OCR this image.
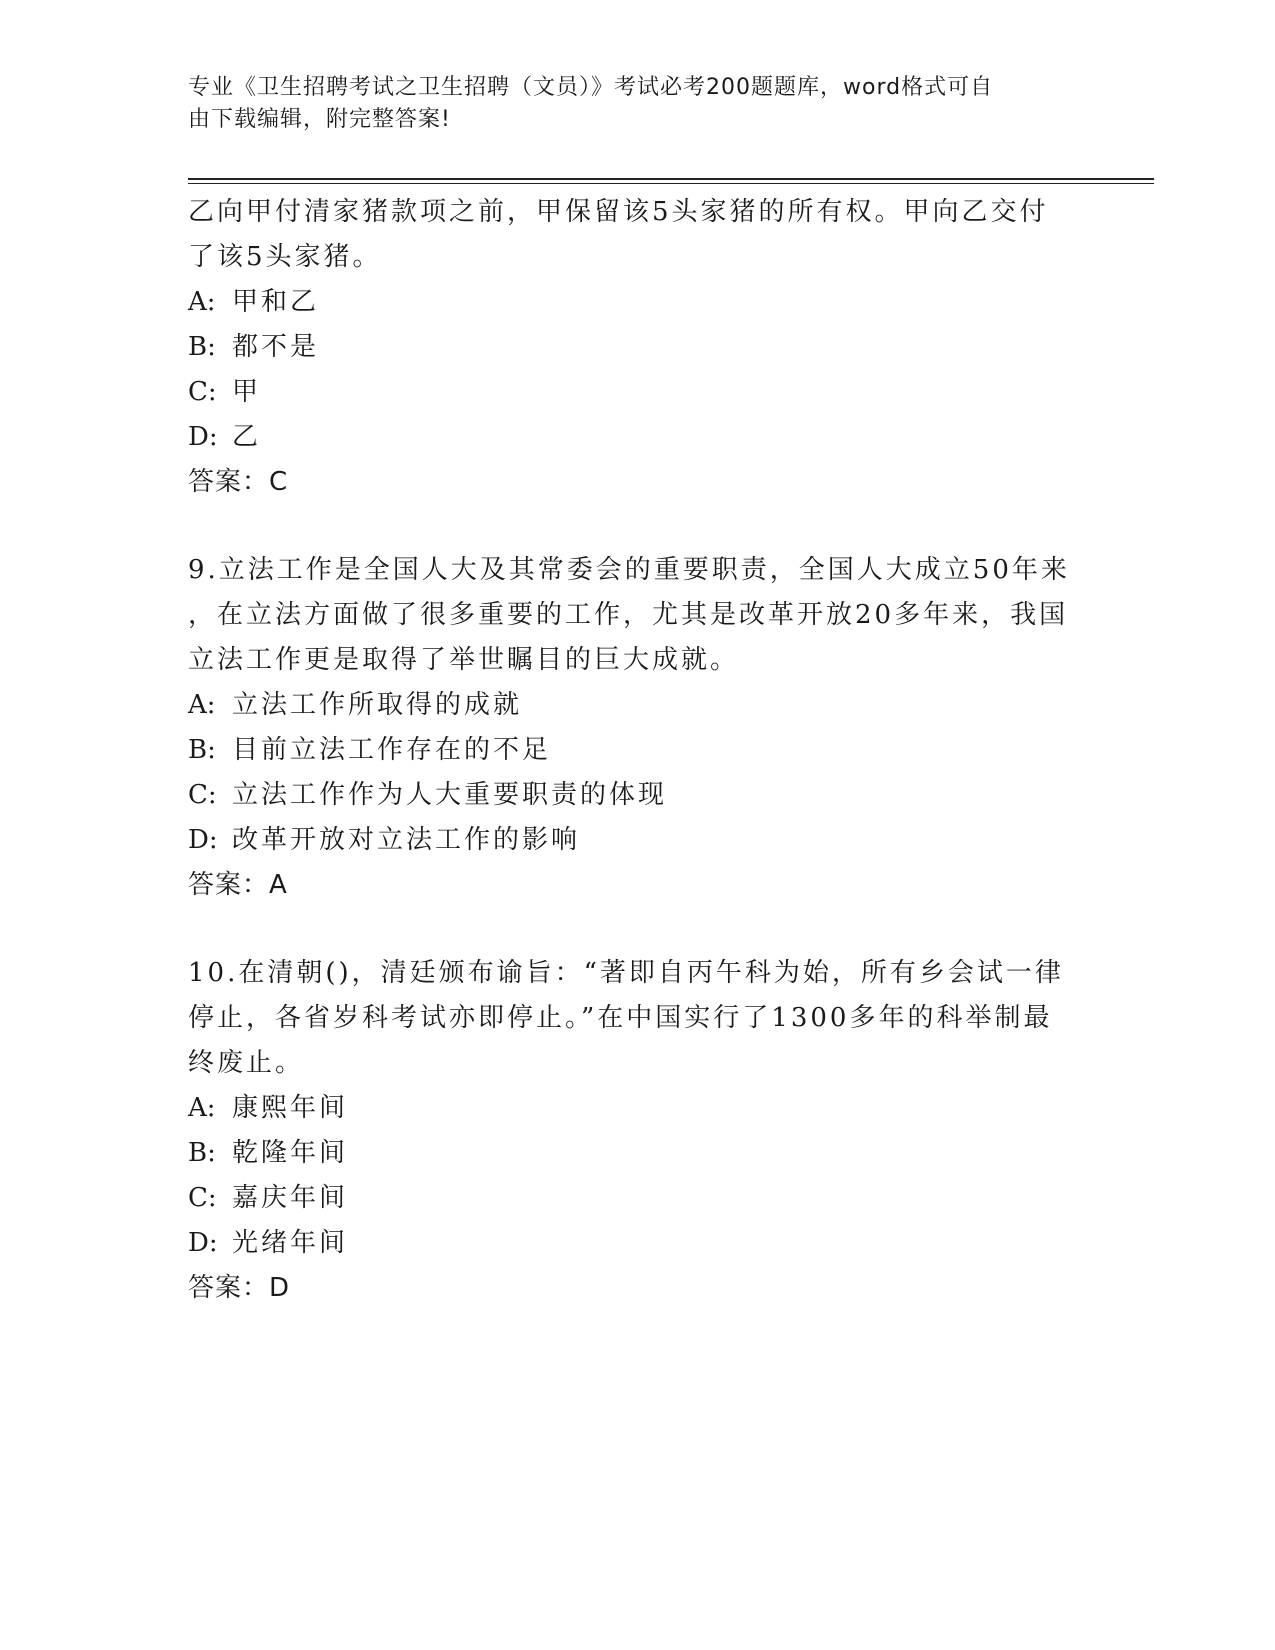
专业《卫生招聘考试之卫生招聘（文员）》考试必考200题题库，word格式可自
由下载编辑，附完整答案!
乙向甲付清家猪款项之前，甲保留该5头家猪的所有权。甲向乙交付
了该5头家猪。
A: 甲和乙
B: 都不是
C: 甲
D: 乙
答案：C
9.立法工作是全国人大及其常委会的重要职责，全国人大成立50年来
，在立法方面做了很多重要的工作，尤其是改革开放20多年来，我国
立法工作更是取得了举世瞩目的巨大成就。
A: 立法工作所取得的成就
B: 目前立法工作存在的不足
C: 立法工作作为人大重要职责的体现
D: 改革开放对立法工作的影响
答案：A
10.在清朝()，清廷颁布谕旨：“著即自丙午科为始，所有乡会试一律
停止，各省岁科考试亦即停止。”在中国实行了1300多年的科举制最
终废止。
A: 康熙年间
B: 乾隆年间
C: 嘉庆年间
D: 光绪年间
答案：D
